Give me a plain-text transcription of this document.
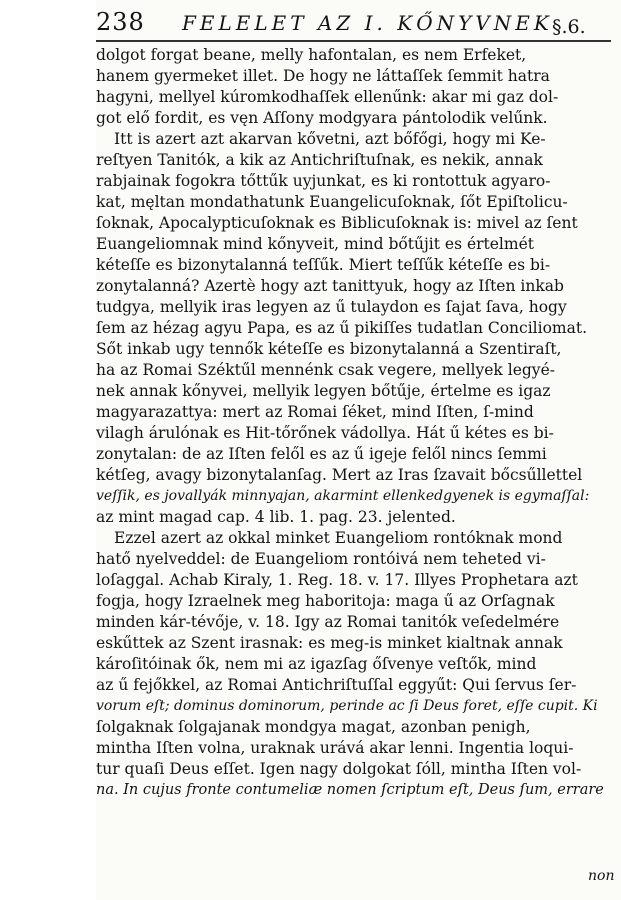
238 FELELET AZ I. KŐNYVNEK §.6.
dolgot forgat beane, melly hafontalan, es nem Erfeket,
hanem gyermeket illet. De hogy ne láttaſſek ſemmit hatra
hagyni, mellyel kúromkodhaſſek ellenűnk: akar mi gaz dol-
got elő fordit, es vęn Aſſony modgyara pántolodik velűnk.
Itt is azert azt akarvan kővetni, azt bőfőgi, hogy mi Ke-
reſtyen Tanitók, a kik az Antichriſtuſnak, es nekik, annak
rabjainak fogokra tőttűk uyjunkat, es ki rontottuk agyaro-
kat, męltan mondathatunk Euangelicuſoknak, ſőt Epiſtolicu-
ſoknak, Apocalypticuſoknak es Biblicuſoknak is: mivel az ſent
Euangeliomnak mind kőnyveit, mind bőtűjit es értelmét
kéteſſe es bizonytalanná teſſűk. Miert teſſűk kéteſſe es bi-
zonytalanná? Azertè hogy azt tanittyuk, hogy az Iſten inkab
tudgya, mellyik iras legyen az ű tulaydon es ſajat ſava, hogy
ſem az hézag agyu Papa, es az ű pikiſſes tudatlan Conciliomat.
Sőt inkab ugy tennők kéteſſe es bizonytalanná a Szentiraſt,
ha az Romai Széktűl mennénk csak vegere, mellyek legyé-
nek annak kőnyvei, mellyik legyen bőtűje, értelme es igaz
magyarazattya: mert az Romai ſéket, mind Iſten, ſ-mind
vilagh árulónak es Hit-tőrőnek vádollya. Hát ű kétes es bi-
zonytalan: de az Iſten felől es az ű igeje felől nincs ſemmi
kétſeg, avagy bizonytalanſag. Mert az Iras ſzavait bőcsűllettel
veſſik, es jovallyák minnyajan, akarmint ellenkedgyenek is egymaſſal:
az mint magad cap. 4 lib. 1. pag. 23. jelented.
Ezzel azert az okkal minket Euangeliom rontóknak mond
hatő nyelveddel: de Euangeliom rontóivá nem teheted vi-
loſaggal. Achab Kiraly, 1. Reg. 18. v. 17. Illyes Prophetara azt
fogja, hogy Izraelnek meg haboritoja: maga ű az Orſagnak
minden kár-tévője, v. 18. Igy az Romai tanitók veſedelmére
eskűttek az Szent irasnak: es meg-is minket kialtnak annak
károſitóinak ők, nem mi az igazſag őſvenye veſtők, mind
az ű fejőkkel, az Romai Antichriſtuſſal eggyűt: Qui ſervus ſer-
vorum eſt; dominus dominorum, perinde ac ſi Deus foret, eſſe cupit. Ki
ſolgaknak ſolgajanak mondgya magat, azonban penigh,
mintha Iſten volna, uraknak urává akar lenni. Ingentia loqui-
tur quaſi Deus eſſet. Igen nagy dolgokat ſóll, mintha Iſten vol-
na. In cujus fronte contumeliæ nomen ſcriptum eſt, Deus ſum, errare
non
